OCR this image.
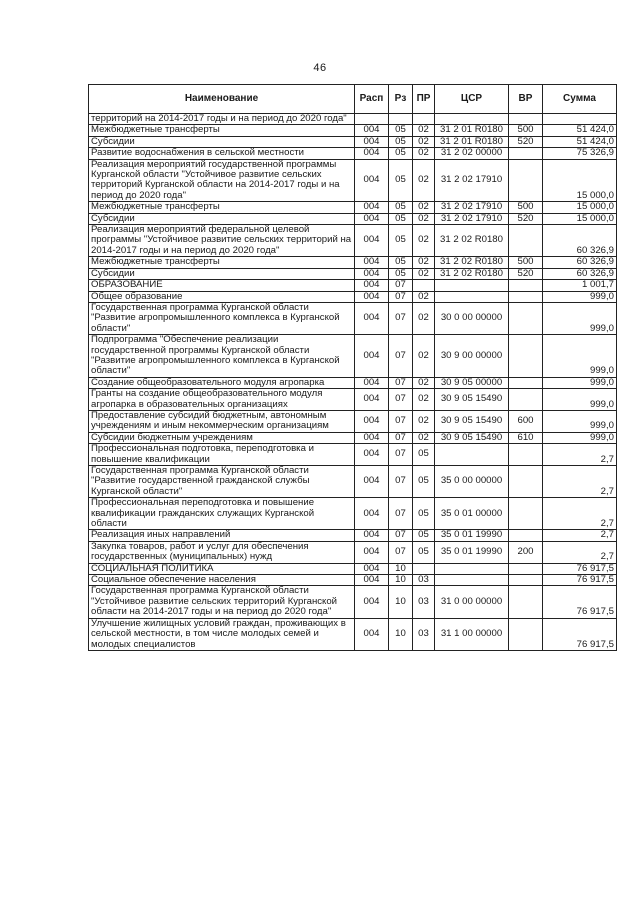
46
Наименование	Расп	Рз	ПР	ЦСР	ВР	Сумма
территорий на 2014-2017 годы и на период до 2020 года"						
Межбюджетные трансферты	004	05	02	31 2 01 R0180	500	51 424,0
Субсидии	004	05	02	31 2 01 R0180	520	51 424,0
Развитие водоснабжения в сельской местности	004	05	02	31 2 02 00000		75 326,9
Реализация мероприятий государственной программы Курганской области "Устойчивое развитие сельских территорий Курганской области на 2014-2017 годы и на период до 2020 года"	004	05	02	31 2 02 17910		15 000,0
Межбюджетные трансферты	004	05	02	31 2 02 17910	500	15 000,0
Субсидии	004	05	02	31 2 02 17910	520	15 000,0
Реализация мероприятий федеральной целевой программы "Устойчивое развитие сельских территорий на 2014-2017 годы и на период до 2020 года"	004	05	02	31 2 02 R0180		60 326,9
Межбюджетные трансферты	004	05	02	31 2 02 R0180	500	60 326,9
Субсидии	004	05	02	31 2 02 R0180	520	60 326,9
ОБРАЗОВАНИЕ	004	07				1 001,7
Общее образование	004	07	02			999,0
Государственная программа Курганской области "Развитие агропромышленного комплекса в Курганской области"	004	07	02	30 0 00 00000		999,0
Подпрограмма "Обеспечение реализации государственной программы Курганской области "Развитие агропромышленного комплекса в Курганской области"	004	07	02	30 9 00 00000		999,0
Создание общеобразовательного модуля агропарка	004	07	02	30 9 05 00000		999,0
Гранты на создание общеобразовательного модуля агропарка в образовательных организациях	004	07	02	30 9 05 15490		999,0
Предоставление субсидий бюджетным, автономным учреждениям и иным некоммерческим организациям	004	07	02	30 9 05 15490	600	999,0
Субсидии бюджетным учреждениям	004	07	02	30 9 05 15490	610	999,0
Профессиональная подготовка, переподготовка и повышение квалификации	004	07	05			2,7
Государственная программа Курганской области "Развитие государственной гражданской службы Курганской области"	004	07	05	35 0 00 00000		2,7
Профессиональная переподготовка и повышение квалификации гражданских служащих Курганской области	004	07	05	35 0 01 00000		2,7
Реализация иных направлений	004	07	05	35 0 01 19990		2,7
Закупка товаров, работ и услуг для обеспечения государственных (муниципальных) нужд	004	07	05	35 0 01 19990	200	2,7
СОЦИАЛЬНАЯ ПОЛИТИКА	004	10				76 917,5
Социальное обеспечение населения	004	10	03			76 917,5
Государственная программа Курганской области "Устойчивое развитие сельских территорий Курганской области на 2014-2017 годы и на период до 2020 года"	004	10	03	31 0 00 00000		76 917,5
Улучшение жилищных условий граждан, проживающих в сельской местности, в том числе молодых семей и молодых специалистов	004	10	03	31 1 00 00000		76 917,5
